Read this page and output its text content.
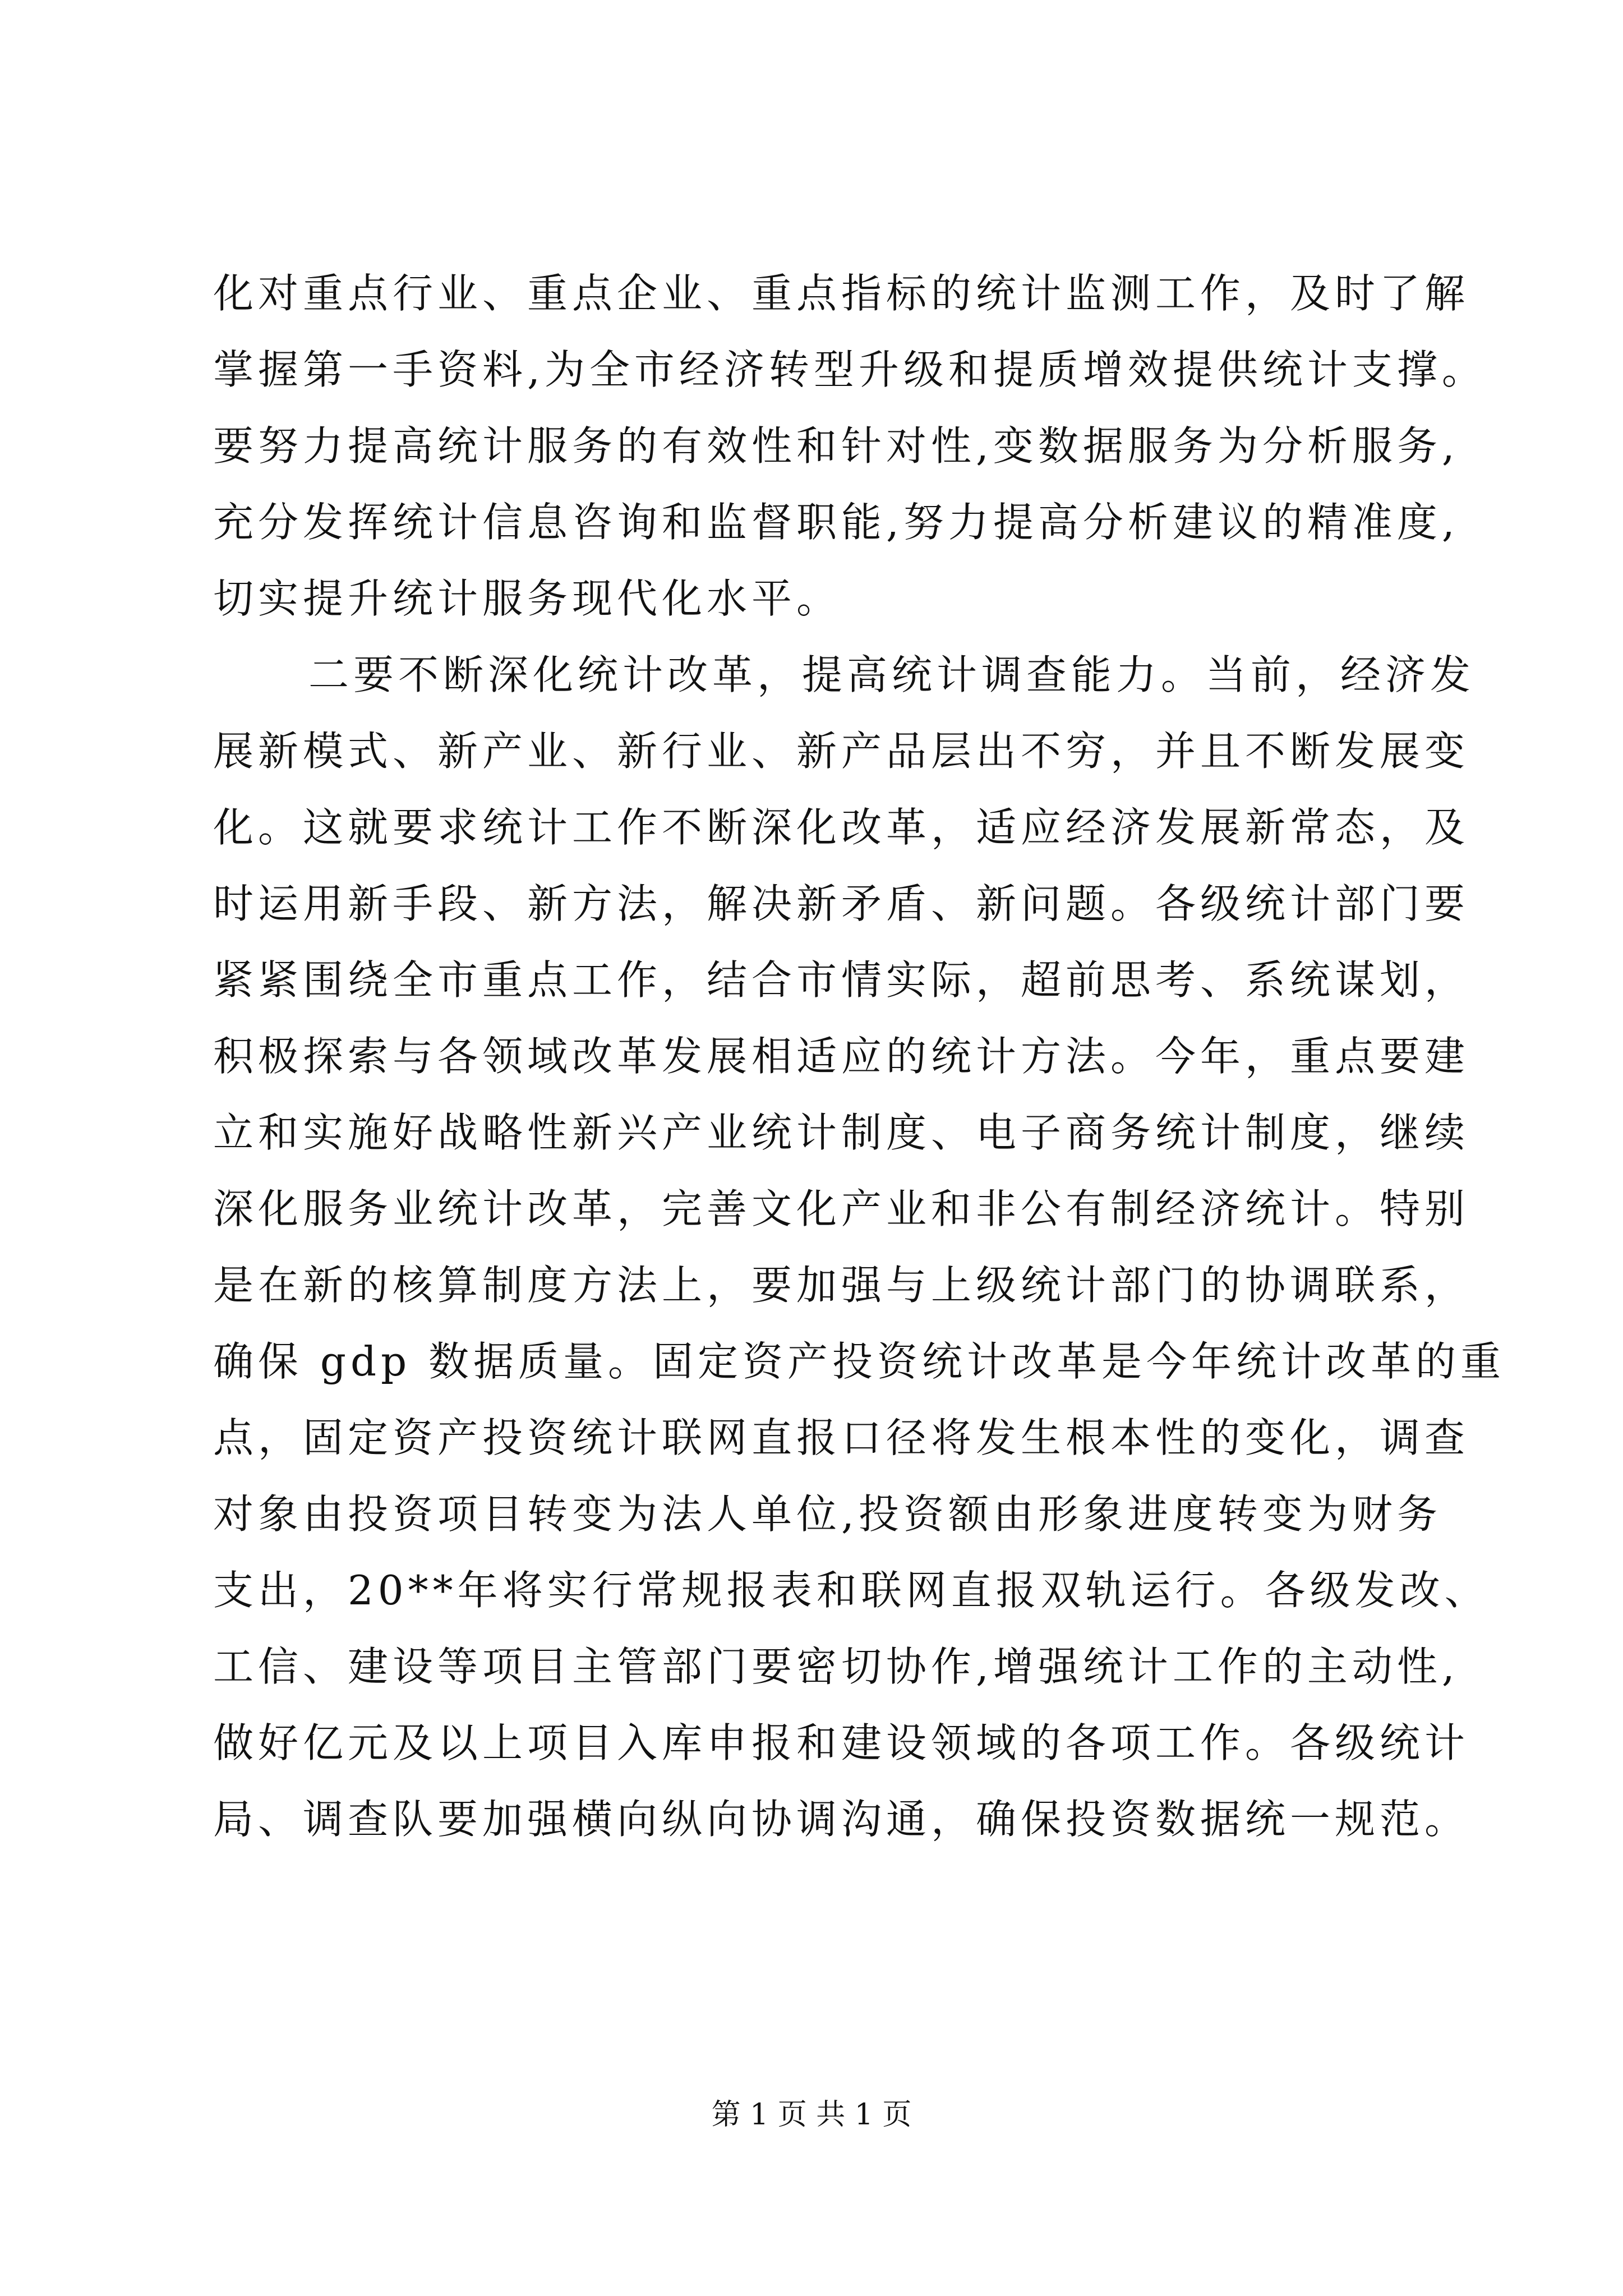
化对重点行业、重点企业、重点指标的统计监测工作，及时了解
掌握第一手资料,为全市经济转型升级和提质增效提供统计支撑。
要努力提高统计服务的有效性和针对性,变数据服务为分析服务,
充分发挥统计信息咨询和监督职能,努力提高分析建议的精准度,
切实提升统计服务现代化水平。
二要不断深化统计改革，提高统计调查能力。当前，经济发
展新模式、新产业、新行业、新产品层出不穷，并且不断发展变
化。这就要求统计工作不断深化改革，适应经济发展新常态，及
时运用新手段、新方法，解决新矛盾、新问题。各级统计部门要
紧紧围绕全市重点工作，结合市情实际，超前思考、系统谋划，
积极探索与各领域改革发展相适应的统计方法。今年，重点要建
立和实施好战略性新兴产业统计制度、电子商务统计制度，继续
深化服务业统计改革，完善文化产业和非公有制经济统计。特别
是在新的核算制度方法上，要加强与上级统计部门的协调联系，
确保 gdp 数据质量。固定资产投资统计改革是今年统计改革的重
点，固定资产投资统计联网直报口径将发生根本性的变化，调查
对象由投资项目转变为法人单位,投资额由形象进度转变为财务
支出，20**年将实行常规报表和联网直报双轨运行。各级发改、
工信、建设等项目主管部门要密切协作,增强统计工作的主动性,
做好亿元及以上项目入库申报和建设领域的各项工作。各级统计
局、调查队要加强横向纵向协调沟通，确保投资数据统一规范。
第 1 页 共 1 页
